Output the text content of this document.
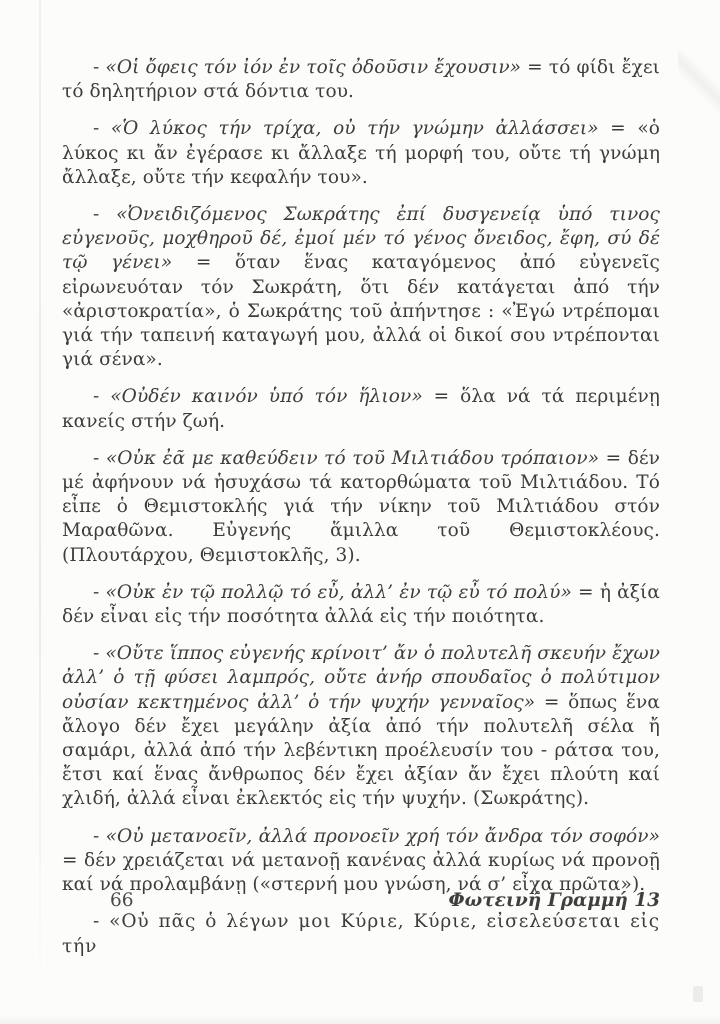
- «Οἱ ὄφεις τόν ἰόν ἐν τοῖς ὀδοῦσιν ἔχουσιν» = τό φίδι ἔχει τό δηλητήριον στά δόντια του.

- «Ὁ λύκος τήν τρίχα, οὐ τήν γνώμην ἀλλάσσει» = «ὁ λύκος κι ἄν ἐγέρασε κι ἄλλαξε τή μορφή του, οὔτε τή γνώμη ἄλλαξε, οὔτε τήν κεφαλήν του».

- «Ὀνειδιζόμενος Σωκράτης ἐπί δυσγενείᾳ ὑπό τινος εὐγενοῦς, μοχθηροῦ δέ, ἐμοί μέν τό γένος ὄνειδος, ἔφη, σύ δέ τῷ γένει» = ὅταν ἕνας καταγόμενος ἀπό εὐγενεῖς εἰρωνευόταν τόν Σωκράτη, ὅτι δέν κατάγεται ἀπό τήν «ἀριστοκρατία», ὁ Σωκράτης τοῦ ἀπήντησε : «Ἐγώ ντρέπομαι γιά τήν ταπεινή καταγωγή μου, ἀλλά οἱ δικοί σου ντρέπονται γιά σένα».

- «Οὐδέν καινόν ὑπό τόν ἥλιον» = ὅλα νά τά περιμένῃ κανείς στήν ζωή.

- «Οὐκ ἐᾶ με καθεύδειν τό τοῦ Μιλτιάδου τρόπαιον» = δέν μέ ἀφήνουν νά ἡσυχάσω τά κατορθώματα τοῦ Μιλτιάδου. Τό εἶπε ὁ Θεμιστοκλής γιά τήν νίκην τοῦ Μιλτιάδου στόν Μαραθῶνα. Εὐγενής ἅμιλλα τοῦ Θεμιστοκλέους. (Πλουτάρχου, Θεμιστοκλῆς, 3).

- «Οὐκ ἐν τῷ πολλῷ τό εὖ, ἀλλ’ ἐν τῷ εὖ τό πολύ» = ἡ ἀξία δέν εἶναι εἰς τήν ποσότητα ἀλλά εἰς τήν ποιότητα.

- «Οὔτε ἵππος εὐγενής κρίνοιτ’ ἄν ὁ πολυτελῆ σκευήν ἔχων ἀλλ’ ὁ τῇ φύσει λαμπρός, οὔτε ἀνήρ σπουδαῖος ὁ πολύτιμον οὐσίαν κεκτημένος ἀλλ’ ὁ τήν ψυχήν γενναῖος» = ὅπως ἕνα ἄλογο δέν ἔχει μεγάλην ἀξία ἀπό τήν πολυτελῆ σέλα ἤ σαμάρι, ἀλλά ἀπό τήν λεβέντικη προέλευσίν του - ράτσα του, ἔτσι καί ἕνας ἄνθρωπος δέν ἔχει ἀξίαν ἄν ἔχει πλούτη καί χλιδή, ἀλλά εἶναι ἐκλεκτός εἰς τήν ψυχήν. (Σωκράτης).

- «Οὐ μετανοεῖν, ἀλλά προνοεῖν χρή τόν ἄνδρα τόν σοφόν» = δέν χρειάζεται νά μετανοῇ κανένας ἀλλά κυρίως νά προνοῇ καί νά προλαμβάνῃ («στερνή μου γνώση, νά σ’ εἶχα πρῶτα»).

- «Οὐ πᾶς ὁ λέγων μοι Κύριε, Κύριε, εἰσελεύσεται εἰς τήν

66	Φωτεινή Γραμμή 13
